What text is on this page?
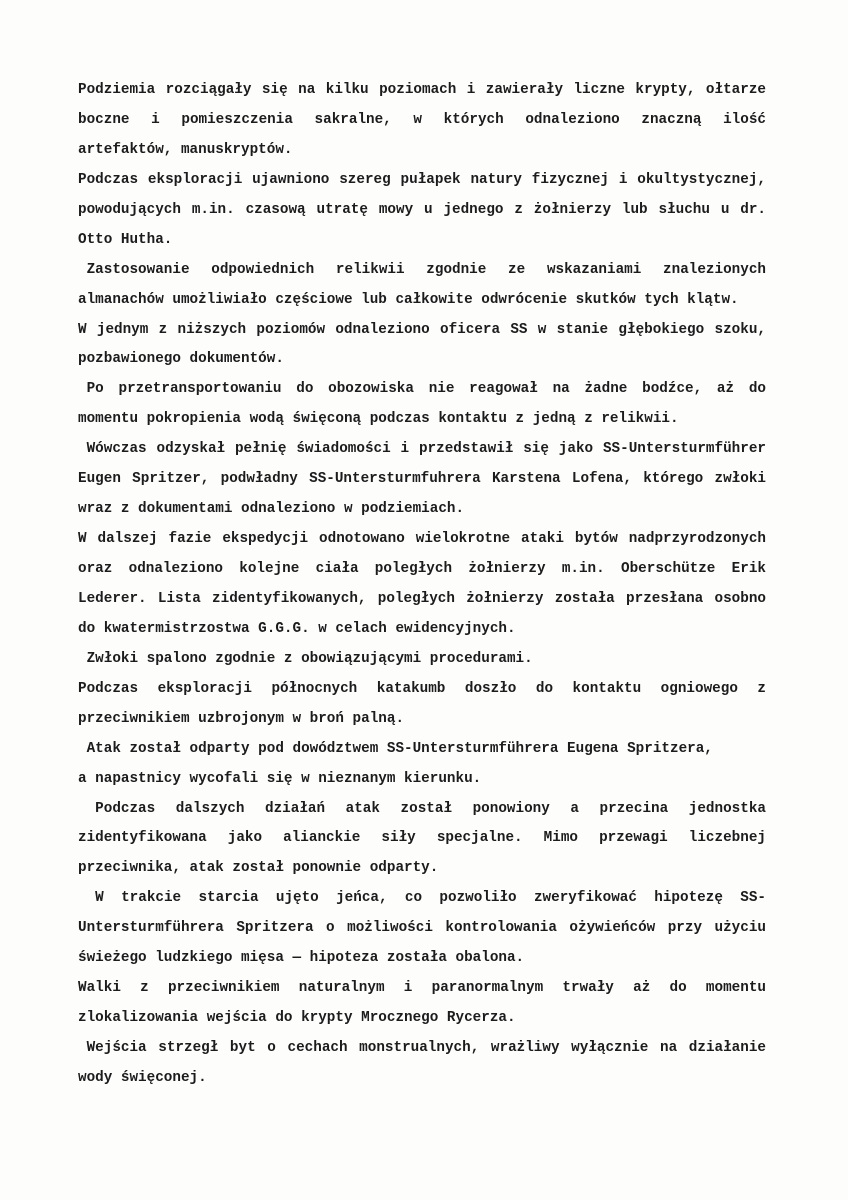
Podziemia rozciągały się na kilku poziomach i zawierały liczne krypty, ołtarze
boczne i pomieszczenia sakralne, w których odnaleziono znaczną ilość
artefaktów, manuskryptów.
Podczas eksploracji ujawniono szereg pułapek natury fizycznej i okultystycznej,
powodujących m.in. czasową utratę mowy u jednego z żołnierzy lub słuchu u dr.
Otto Hutha.
Zastosowanie odpowiednich relikwii zgodnie ze wskazaniami znalezionych
almanachów umożliwiało częściowe lub całkowite odwrócenie skutków tych klątw.
W jednym z niższych poziomów odnaleziono oficera SS w stanie głębokiego szoku,
pozbawionego dokumentów.
Po przetransportowaniu do obozowiska nie reagował na żadne bodźce, aż do
momentu pokropienia wodą święconą podczas kontaktu z jedną z relikwii.
Wówczas odzyskał pełnię świadomości i przedstawił się jako SS-Untersturmführer
Eugen Spritzer, podwładny SS-Untersturmfuhrera Karstena Lofena, którego zwłoki
wraz z dokumentami odnaleziono w podziemiach.
W dalszej fazie ekspedycji odnotowano wielokrotne ataki bytów nadprzyrodzonych
oraz odnaleziono kolejne ciała poległych żołnierzy m.in. Oberschütze Erik
Lederer. Lista zidentyfikowanych, poległych żołnierzy została przesłana osobno
do kwatermistrzostwa G.G.G. w celach ewidencyjnych.
Zwłoki spalono zgodnie z obowiązującymi procedurami.
Podczas eksploracji północnych katakumb doszło do kontaktu ogniowego z
przeciwnikiem uzbrojonym w broń palną.
Atak został odparty pod dowództwem SS-Untersturmführera Eugena Spritzera,
a napastnicy wycofali się w nieznanym kierunku.
Podczas dalszych działań atak został ponowiony a przecina jednostka
zidentyfikowana jako alianckie siły specjalne. Mimo przewagi liczebnej
przeciwnika, atak został ponownie odparty.
W trakcie starcia ujęto jeńca, co pozwoliło zweryfikować hipotezę SS-
Untersturmführera Spritzera o możliwości kontrolowania ożywieńców przy użyciu
świeżego ludzkiego mięsa — hipoteza została obalona.
Walki z przeciwnikiem naturalnym i paranormalnym trwały aż do momentu
zlokalizowania wejścia do krypty Mrocznego Rycerza.
Wejścia strzegł byt o cechach monstrualnych, wrażliwy wyłącznie na działanie
wody święconej.
